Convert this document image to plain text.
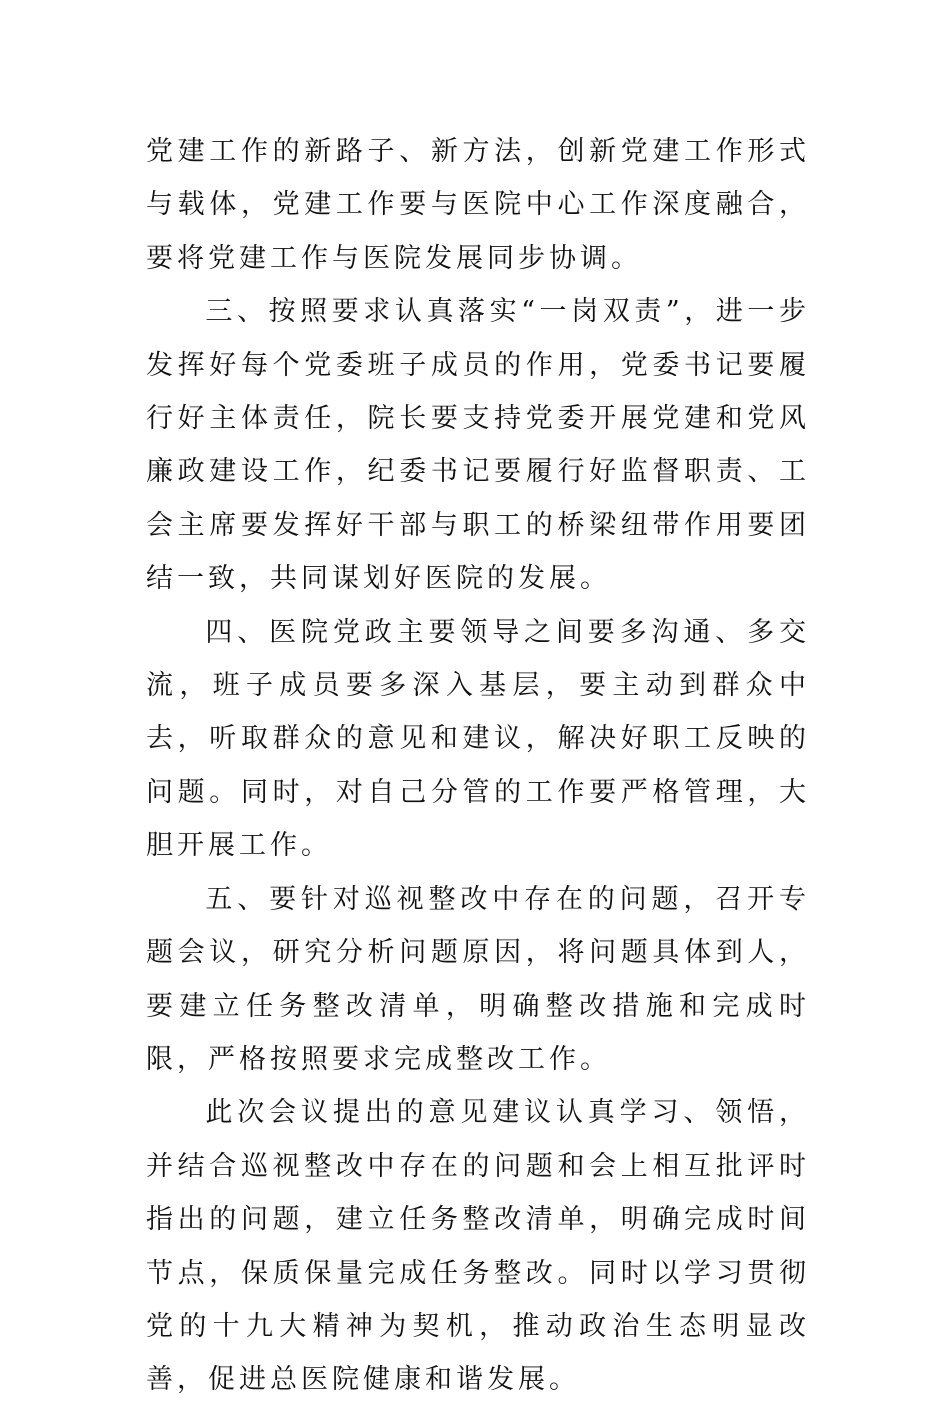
党建工作的新路子、新方法，创新党建工作形式与载体，党建工作要与医院中心工作深度融合，要将党建工作与医院发展同步协调。

三、按照要求认真落实“一岗双责”，进一步发挥好每个党委班子成员的作用，党委书记要履行好主体责任，院长要支持党委开展党建和党风廉政建设工作，纪委书记要履行好监督职责、工会主席要发挥好干部与职工的桥梁纽带作用要团结一致，共同谋划好医院的发展。

四、医院党政主要领导之间要多沟通、多交流，班子成员要多深入基层，要主动到群众中去，听取群众的意见和建议，解决好职工反映的问题。同时，对自己分管的工作要严格管理，大胆开展工作。

五、要针对巡视整改中存在的问题，召开专题会议，研究分析问题原因，将问题具体到人，要建立任务整改清单，明确整改措施和完成时限，严格按照要求完成整改工作。

此次会议提出的意见建议认真学习、领悟，并结合巡视整改中存在的问题和会上相互批评时指出的问题，建立任务整改清单，明确完成时间节点，保质保量完成任务整改。同时以学习贯彻党的十九大精神为契机，推动政治生态明显改善，促进总医院健康和谐发展。
